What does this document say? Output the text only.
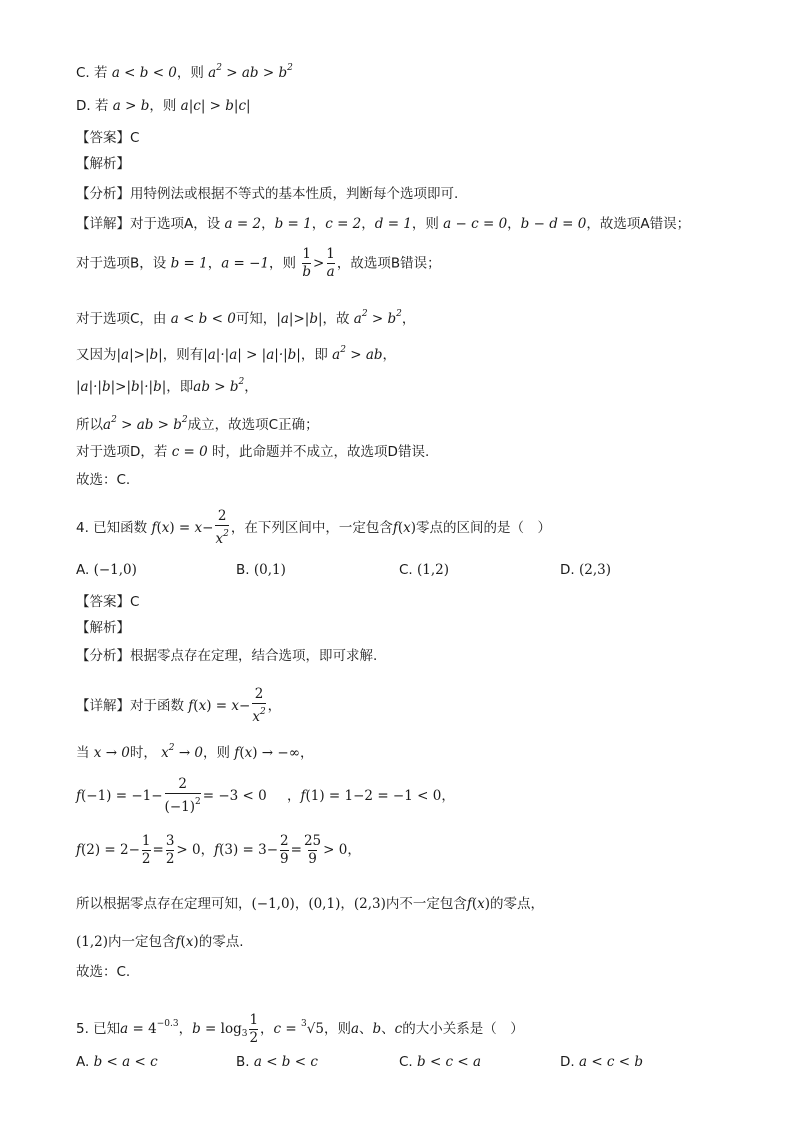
C. 若 a < b < 0，则 $a^2$ > ab > $b^2$
D. 若 a > b，则 a|c| > b|c|
【答案】C
【解析】
【分析】用特例法或根据不等式的基本性质，判断每个选项即可.
【详解】对于选项A，设 a = 2，b = 1，c = 2，d = 1，则 a − c = 0，b − d = 0，故选项A错误；
对于选项B，设 b = 1，a = −1，则 $\frac{1}{b} > \frac{1}{a}$ ，故选项B错误；
对于选项C，由 a < b < 0可知，|a|>|b|，故 $a^2 > b^2$，
又因为|a|>|b|，则有|a|·|a| > |a|·|b|，即 $a^2$ > ab，
|a|·|b|>|b|·|b|，即ab > $b^2$，
所以$a^2$ > ab > $b^2$成立，故选项C正确；
对于选项D，若 c = 0 时，此命题并不成立，故选项D错误.
故选：C.
4. 已知函数 $f(x) = x- \frac{2}{x^2}$ ，在下列区间中，一定包含f(x)零点的区间的是（　）
A. (−1,0)	B. (0,1)	C. (1,2)	D. (2,3)
【答案】C
【解析】
【分析】根据零点存在定理，结合选项，即可求解.
【详解】对于函数 $f(x) = x- \frac{2}{x^2}$ ，
当 x → 0时， $x^2 \to 0$，则 f(x) → −∞，
$f(-1) = -1- \frac{2}{(-1)^2} = -3 < 0$ ，f(1) = 1−2 = −1 < 0，
$f(2) = 2- \frac{1}{2} = \frac{3}{2} > 0$，$f(3) = 3- \frac{2}{9} = \frac{25}{9} > 0$，
所以根据零点存在定理可知，(−1,0)，(0,1)，(2,3)内不一定包含f(x)的零点，
(1,2)内一定包含f(x)的零点.
故选：C.
5. 已知$a = 4^{-0.3}$，$b = \log_3 \frac{1}{2}$ ，c = $^3$√5，则a、b、c的大小关系是（　）
A. b < a < c	B. a < b < c	C. b < c < a	D. a < c < b
